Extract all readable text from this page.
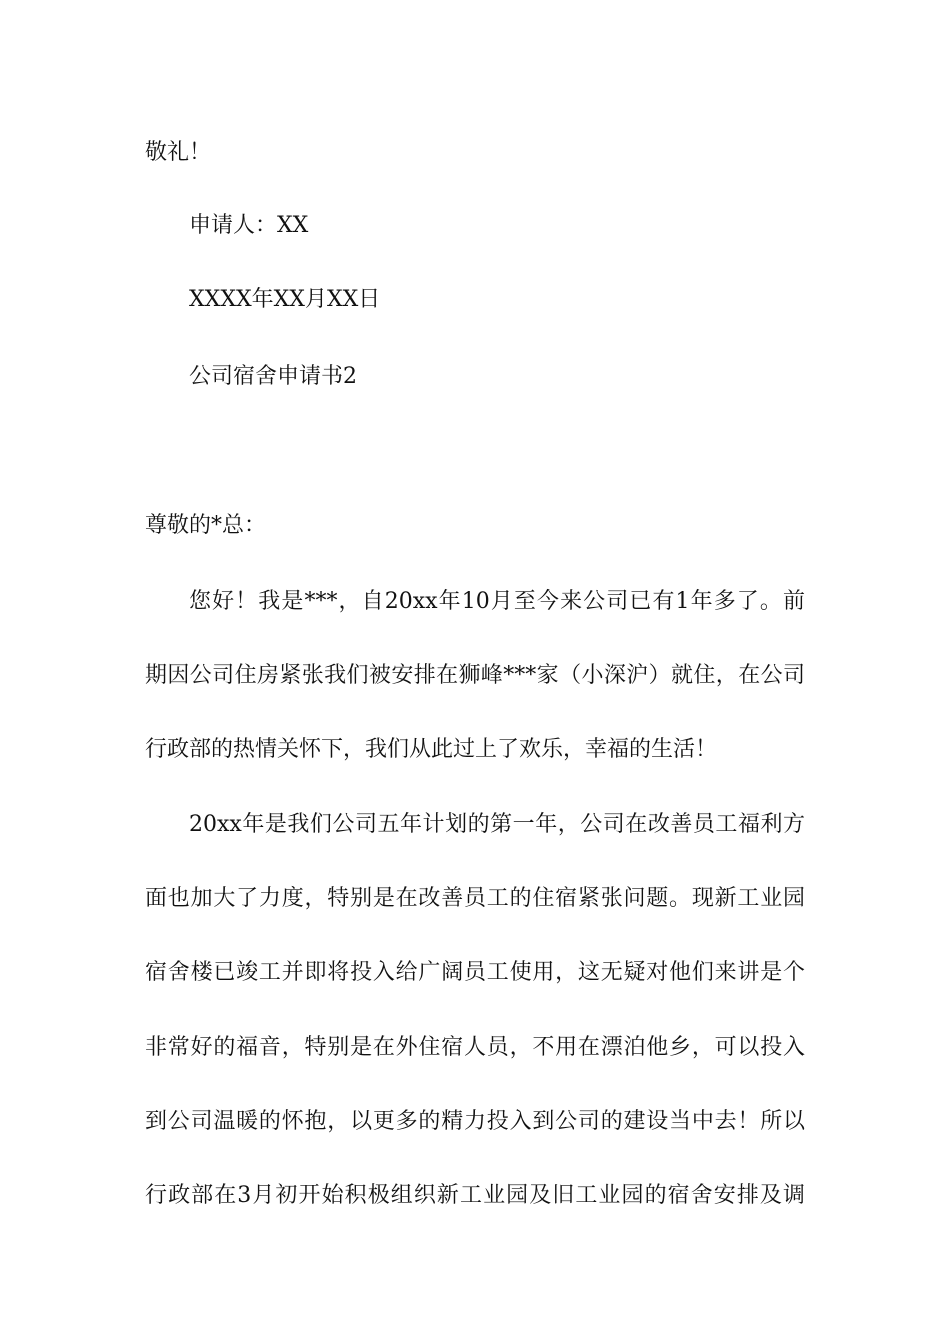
敬礼！

申请人：XX

XXXX年XX月XX日

公司宿舍申请书2

尊敬的*总：

您好！我是***，自20xx年10月至今来公司已有1年多了。前

期因公司住房紧张我们被安排在狮峰***家（小深沪）就住，在公司

行政部的热情关怀下，我们从此过上了欢乐，幸福的生活！

20xx年是我们公司五年计划的第一年，公司在改善员工福利方

面也加大了力度，特别是在改善员工的住宿紧张问题。现新工业园

宿舍楼已竣工并即将投入给广阔员工使用，这无疑对他们来讲是个

非常好的福音，特别是在外住宿人员，不用在漂泊他乡，可以投入

到公司温暖的怀抱，以更多的精力投入到公司的建设当中去！所以

行政部在3月初开始积极组织新工业园及旧工业园的宿舍安排及调
